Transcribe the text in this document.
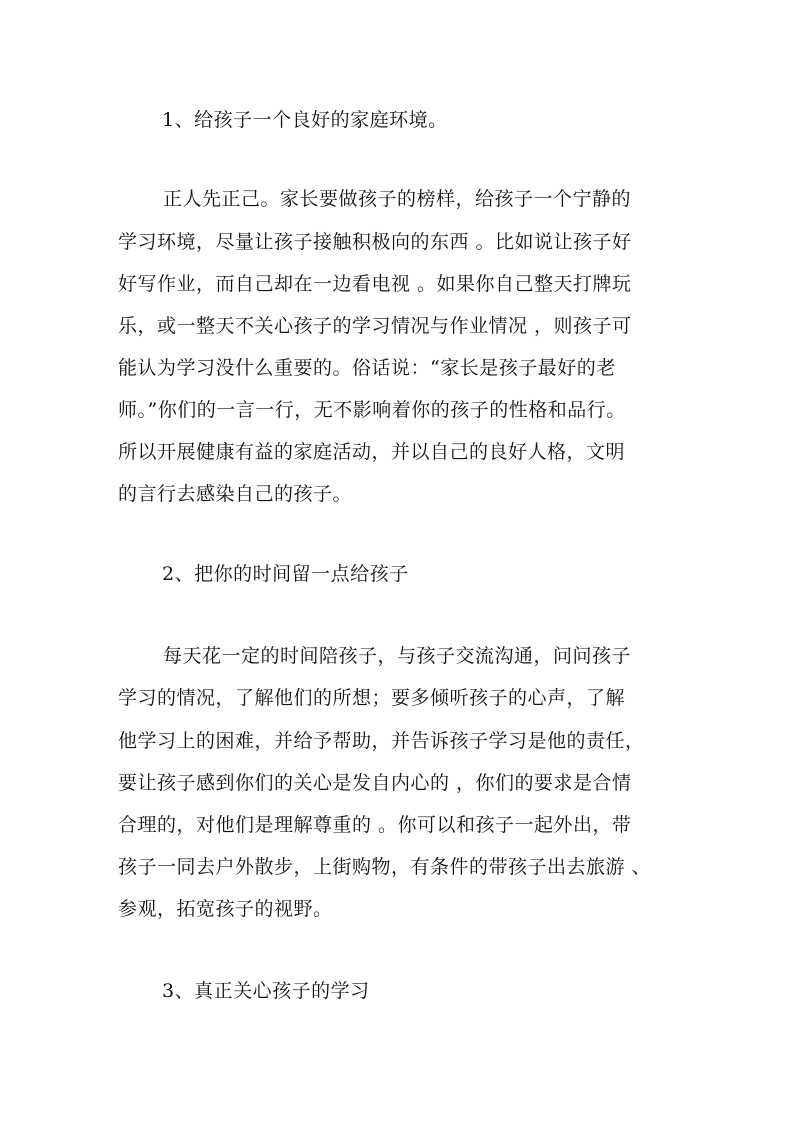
1、给孩子一个良好的家庭环境。
正人先正己。家长要做孩子的榜样，给孩子一个宁静的
学习环境，尽量让孩子接触积极向的东西 。比如说让孩子好
好写作业，而自己却在一边看电视 。如果你自己整天打牌玩
乐，或一整天不关心孩子的学习情况与作业情况 ，则孩子可
能认为学习没什么重要的。俗话说：“家长是孩子最好的老
师。”你们的一言一行，无不影响着你的孩子的性格和品行。
所以开展健康有益的家庭活动，并以自己的良好人格，文明
的言行去感染自己的孩子。
2、把你的时间留一点给孩子
每天花一定的时间陪孩子，与孩子交流沟通，问问孩子
学习的情况，了解他们的所想；要多倾听孩子的心声，了解
他学习上的困难，并给予帮助，并告诉孩子学习是他的责任，
要让孩子感到你们的关心是发自内心的 ，你们的要求是合情
合理的，对他们是理解尊重的 。你可以和孩子一起外出，带
孩子一同去户外散步，上街购物，有条件的带孩子出去旅游 、
参观，拓宽孩子的视野。
3、真正关心孩子的学习
